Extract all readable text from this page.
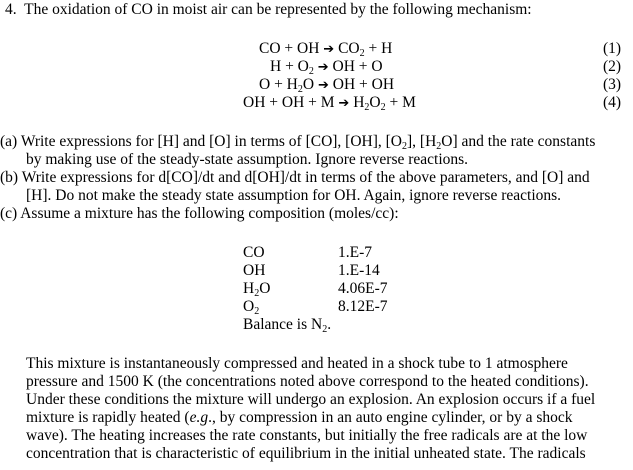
4. The oxidation of CO in moist air can be represented by the following mechanism:
CO + OH ➔ $CO_2 + H$	(1)
$H + O_2$ ➔ OH + O	(2)
$O + H_2O$ ➔ OH + OH	(3)
OH + OH + M ➔ $H_2O_2 + M$	(4)
(a) Write expressions for [H] and [O] in terms of [CO], [OH], $[O_2]$, $[H_2O]$ and the rate constants
by making use of the steady-state assumption. Ignore reverse reactions.
(b) Write expressions for d[CO]/dt and d[OH]/dt in terms of the above parameters, and [O] and
[H]. Do not make the steady state assumption for OH. Again, ignore reverse reactions.
(c) Assume a mixture has the following composition (moles/cc):
CO	1.E-7
OH	1.E-14
$H_2O$	4.06E-7
$O_2$	8.12E-7
Balance is $N_2$.
This mixture is instantaneously compressed and heated in a shock tube to 1 atmosphere
pressure and 1500 K (the concentrations noted above correspond to the heated conditions).
Under these conditions the mixture will undergo an explosion. An explosion occurs if a fuel
mixture is rapidly heated (e.g., by compression in an auto engine cylinder, or by a shock
wave). The heating increases the rate constants, but initially the free radicals are at the low
concentration that is characteristic of equilibrium in the initial unheated state. The radicals
